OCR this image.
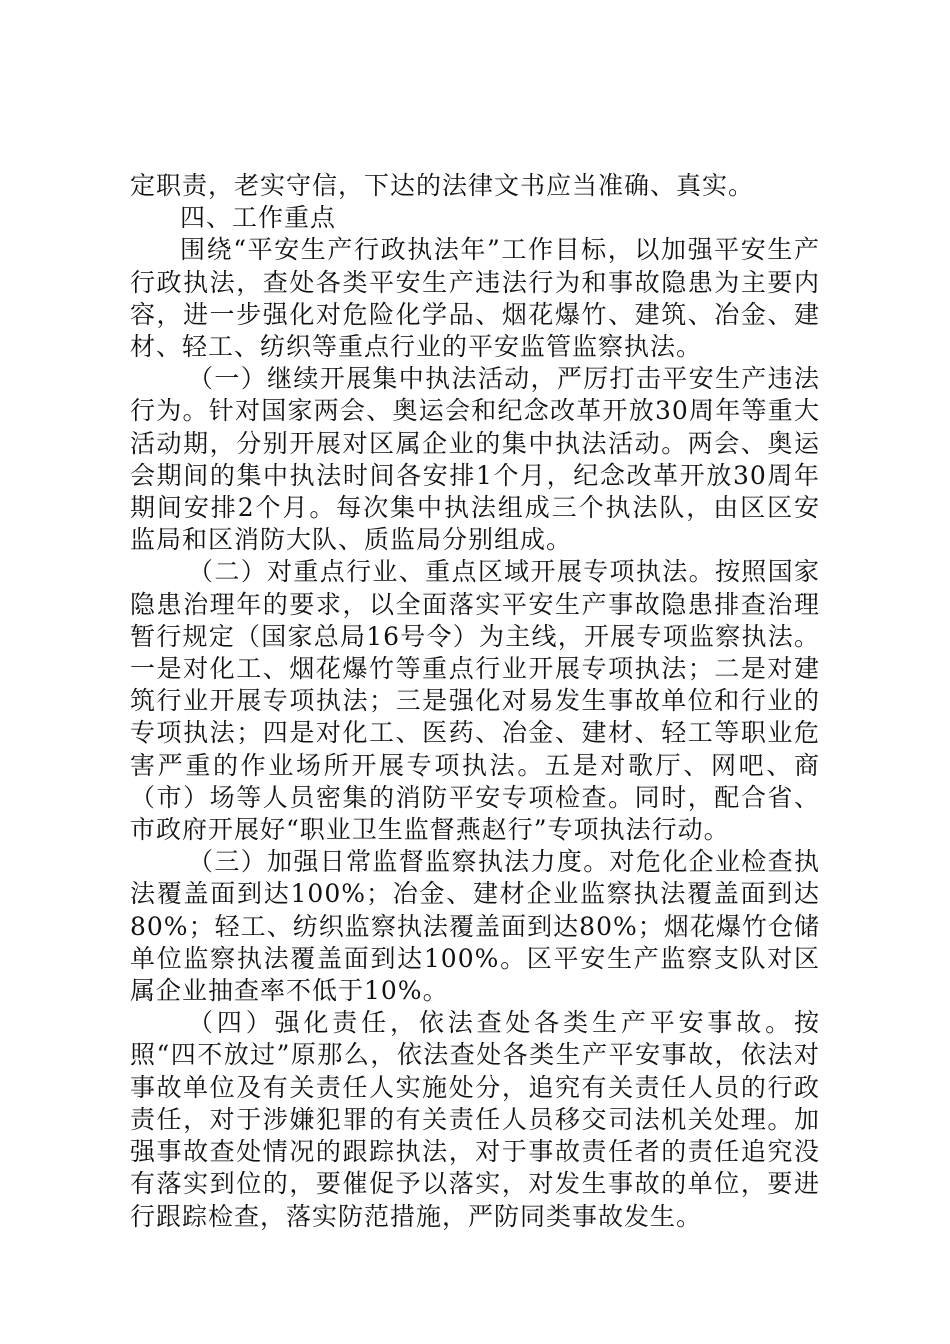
定职责，老实守信，下达的法律文书应当准确、真实。

四、工作重点

围绕“平安生产行政执法年”工作目标，以加强平安生产行政执法，查处各类平安生产违法行为和事故隐患为主要内容，进一步强化对危险化学品、烟花爆竹、建筑、冶金、建材、轻工、纺织等重点行业的平安监管监察执法。

（一）继续开展集中执法活动，严厉打击平安生产违法行为。针对国家两会、奥运会和纪念改革开放30周年等重大活动期，分别开展对区属企业的集中执法活动。两会、奥运会期间的集中执法时间各安排1个月，纪念改革开放30周年期间安排2个月。每次集中执法组成三个执法队，由区区安监局和区消防大队、质监局分别组成。

（二）对重点行业、重点区域开展专项执法。按照国家隐患治理年的要求，以全面落实平安生产事故隐患排查治理暂行规定（国家总局16号令）为主线，开展专项监察执法。一是对化工、烟花爆竹等重点行业开展专项执法；二是对建筑行业开展专项执法；三是强化对易发生事故单位和行业的专项执法；四是对化工、医药、冶金、建材、轻工等职业危害严重的作业场所开展专项执法。五是对歌厅、网吧、商（市）场等人员密集的消防平安专项检查。同时，配合省、市政府开展好“职业卫生监督燕赵行”专项执法行动。

（三）加强日常监督监察执法力度。对危化企业检查执法覆盖面到达100%；冶金、建材企业监察执法覆盖面到达80%；轻工、纺织监察执法覆盖面到达80%；烟花爆竹仓储单位监察执法覆盖面到达100%。区平安生产监察支队对区属企业抽查率不低于10%。

（四）强化责任，依法查处各类生产平安事故。按照“四不放过”原那么，依法查处各类生产平安事故，依法对事故单位及有关责任人实施处分，追究有关责任人员的行政责任，对于涉嫌犯罪的有关责任人员移交司法机关处理。加强事故查处情况的跟踪执法，对于事故责任者的责任追究没有落实到位的，要催促予以落实，对发生事故的单位，要进行跟踪检查，落实防范措施，严防同类事故发生。
